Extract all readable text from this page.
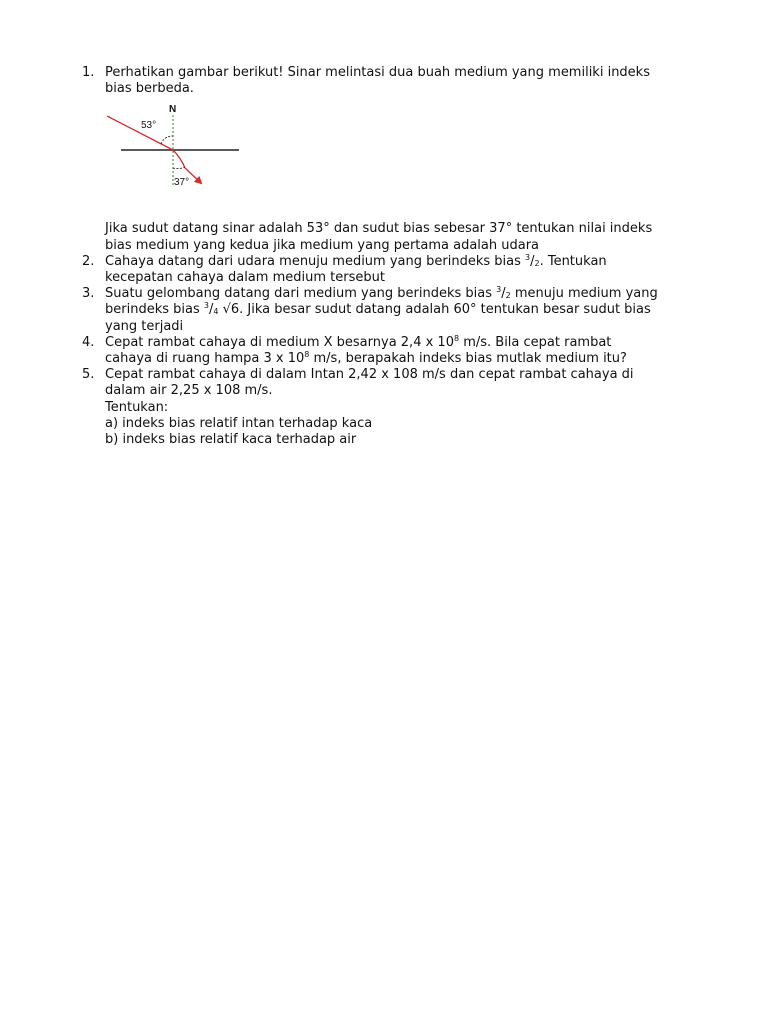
1. Perhatikan gambar berikut! Sinar melintasi dua buah medium yang memiliki indeks
bias berbeda.
N
53°
37°
Jika sudut datang sinar adalah 53° dan sudut bias sebesar 37° tentukan nilai indeks
bias medium yang kedua jika medium yang pertama adalah udara
2. Cahaya datang dari udara menuju medium yang berindeks bias $^3/_2$. Tentukan
kecepatan cahaya dalam medium tersebut
3. Suatu gelombang datang dari medium yang berindeks bias $^3/_2$ menuju medium yang
berindeks bias $^3/_4$ √6. Jika besar sudut datang adalah 60° tentukan besar sudut bias
yang terjadi
4. Cepat rambat cahaya di medium X besarnya 2,4 x $10^8$ m/s. Bila cepat rambat
cahaya di ruang hampa 3 x $10^8$ m/s, berapakah indeks bias mutlak medium itu?
5. Cepat rambat cahaya di dalam Intan 2,42 x 108 m/s dan cepat rambat cahaya di
dalam air 2,25 x 108 m/s.
Tentukan:
a) indeks bias relatif intan terhadap kaca
b) indeks bias relatif kaca terhadap air
